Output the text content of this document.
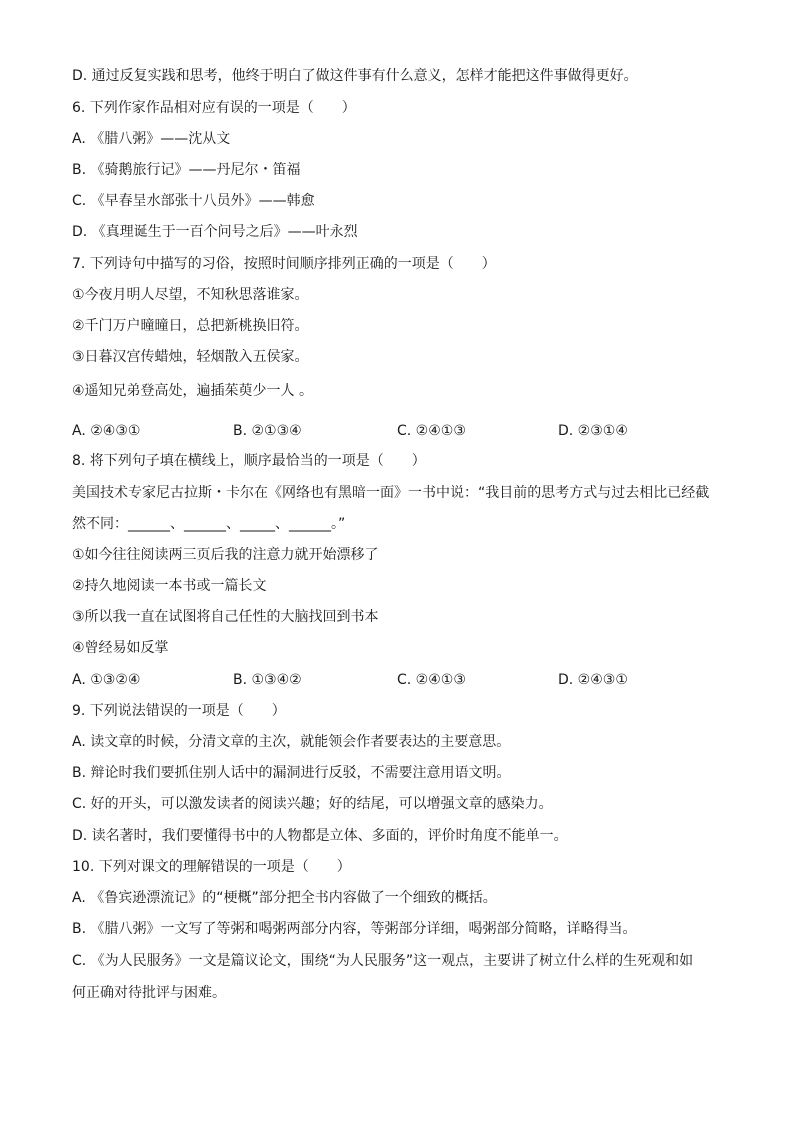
D. 通过反复实践和思考，他终于明白了做这件事有什么意义，怎样才能把这件事做得更好。
6. 下列作家作品相对应有误的一项是（　　）
A. 《腊八粥》——沈从文
B. 《骑鹅旅行记》——丹尼尔・笛福
C. 《早春呈水部张十八员外》——韩愈
D. 《真理诞生于一百个问号之后》——叶永烈
7. 下列诗句中描写的习俗，按照时间顺序排列正确的一项是（　　）
①今夜月明人尽望，不知秋思落谁家。
②千门万户曈曈日，总把新桃换旧符。
③日暮汉宫传蜡烛，轻烟散入五侯家。
④遥知兄弟登高处，遍插茱萸少一人 。
A. ②④③①	B. ②①③④	C. ②④①③	D. ②③①④
8. 将下列句子填在横线上，顺序最恰当的一项是（　　）
美国技术专家尼古拉斯・卡尔在《网络也有黑暗一面》一书中说：“我目前的思考方式与过去相比已经截
然不同：______、______、_____、______。”
①如今往往阅读两三页后我的注意力就开始漂移了
②持久地阅读一本书或一篇长文
③所以我一直在试图将自己任性的大脑找回到书本
④曾经易如反掌
A. ①③②④	B. ①③④②	C. ②④①③	D. ②④③①
9. 下列说法错误的一项是（　　）
A. 读文章的时候，分清文章的主次，就能领会作者要表达的主要意思。
B. 辩论时我们要抓住别人话中的漏洞进行反驳，不需要注意用语文明。
C. 好的开头，可以激发读者的阅读兴趣；好的结尾，可以增强文章的感染力。
D. 读名著时，我们要懂得书中的人物都是立体、多面的，评价时角度不能单一。
10. 下列对课文的理解错误的一项是（　　）
A. 《鲁宾逊漂流记》的“梗概”部分把全书内容做了一个细致的概括。
B. 《腊八粥》一文写了等粥和喝粥两部分内容，等粥部分详细，喝粥部分简略，详略得当。
C. 《为人民服务》一文是篇议论文，围绕“为人民服务”这一观点，主要讲了树立什么样的生死观和如
何正确对待批评与困难。
